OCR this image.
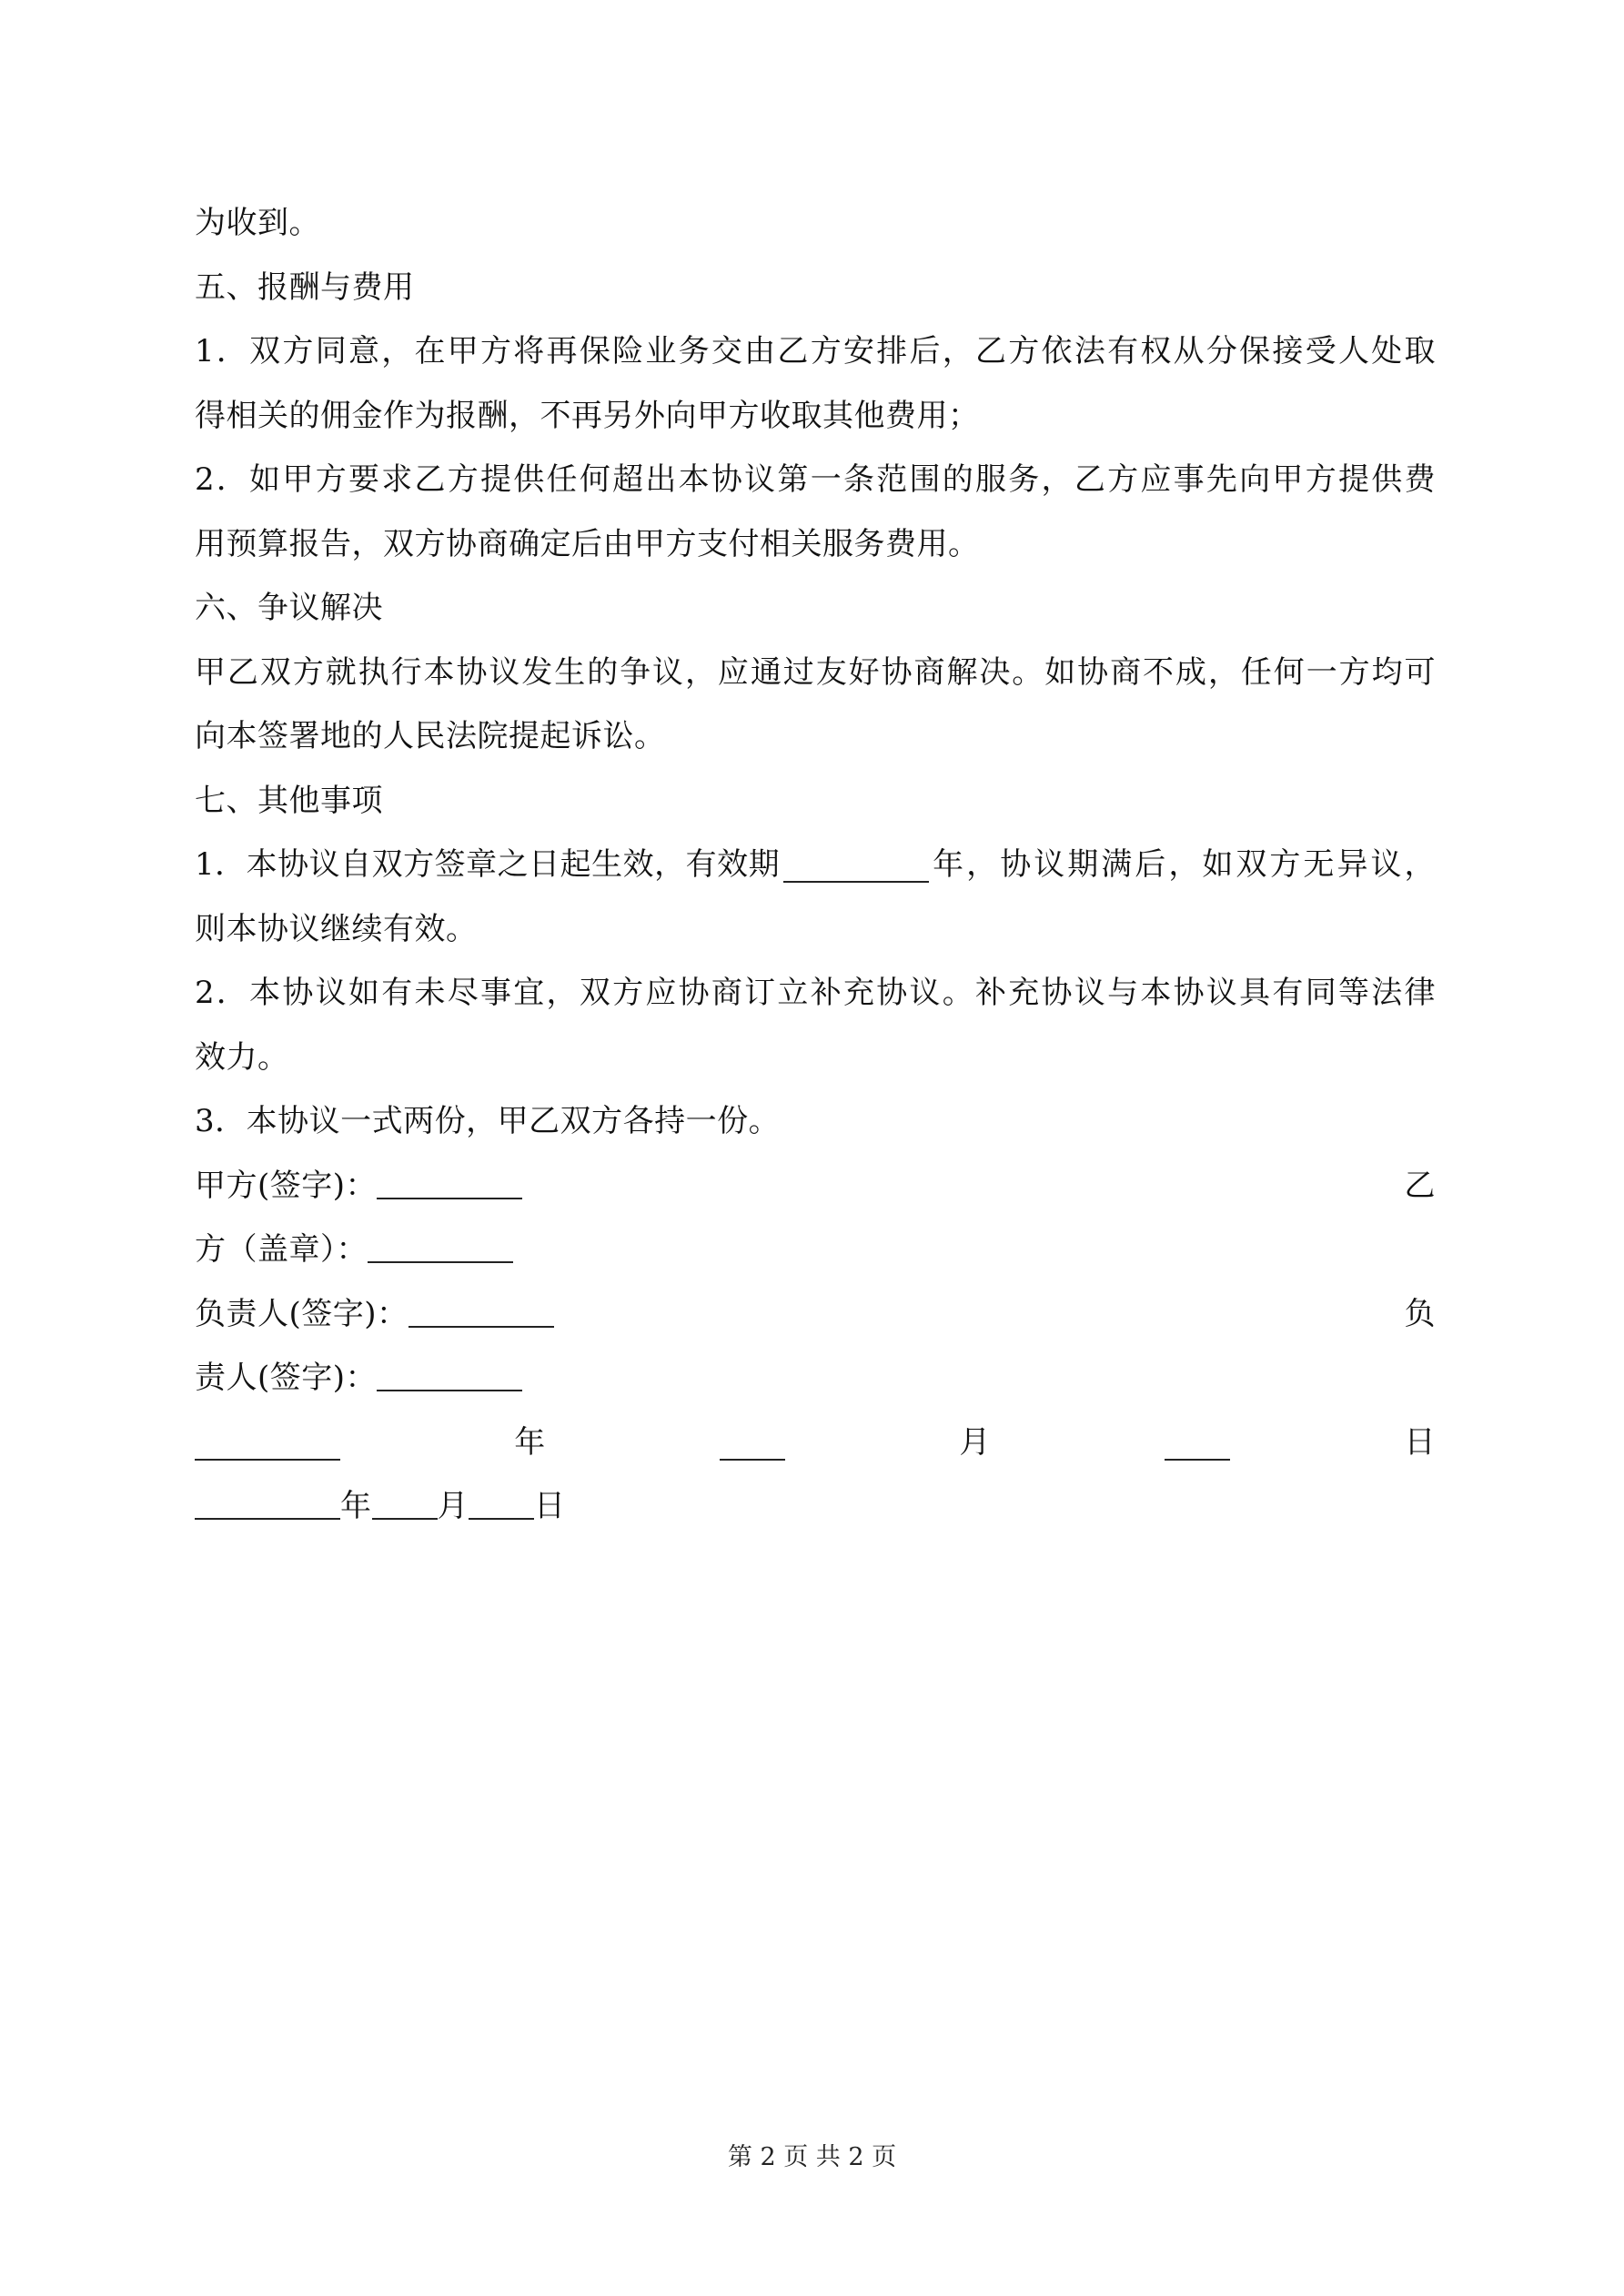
为收到。
五、报酬与费用
1．双方同意，在甲方将再保险业务交由乙方安排后，乙方依法有权从分保接受人处取
得相关的佣金作为报酬，不再另外向甲方收取其他费用；
2．如甲方要求乙方提供任何超出本协议第一条范围的服务，乙方应事先向甲方提供费
用预算报告，双方协商确定后由甲方支付相关服务费用。
六、争议解决
甲乙双方就执行本协议发生的争议，应通过友好协商解决。如协商不成，任何一方均可
向本签署地的人民法院提起诉讼。
七、其他事项
1．本协议自双方签章之日起生效，有效期	年，协议期满后，如双方无异议，
则本协议继续有效。
2．本协议如有未尽事宜，双方应协商订立补充协议。补充协议与本协议具有同等法律
效力。
3．本协议一式两份，甲乙双方各持一份。
甲方(签字)：	乙
方（盖章）：
负责人(签字)：	负
责人(签字)：
年	月	日
年 月 日
第 2 页 共 2 页
